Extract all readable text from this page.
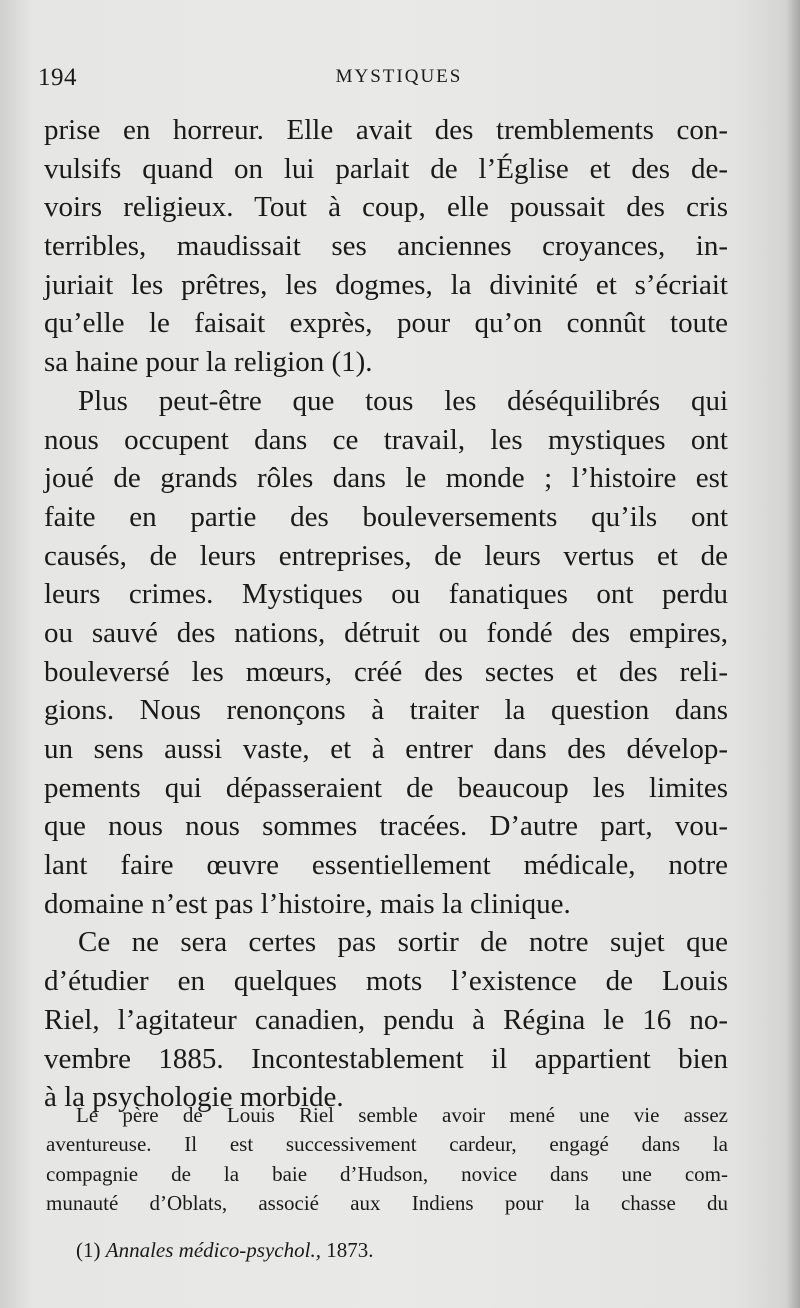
194	MYSTIQUES
prise en horreur. Elle avait des tremblements con-
vulsifs quand on lui parlait de l’Église et des de-
voirs religieux. Tout à coup, elle poussait des cris
terribles, maudissait ses anciennes croyances, in-
juriait les prêtres, les dogmes, la divinité et s’écriait
qu’elle le faisait exprès, pour qu’on connût toute
sa haine pour la religion (1).
Plus peut-être que tous les déséquilibrés qui
nous occupent dans ce travail, les mystiques ont
joué de grands rôles dans le monde ; l’histoire est
faite en partie des bouleversements qu’ils ont
causés, de leurs entreprises, de leurs vertus et de
leurs crimes. Mystiques ou fanatiques ont perdu
ou sauvé des nations, détruit ou fondé des empires,
bouleversé les mœurs, créé des sectes et des reli-
gions. Nous renonçons à traiter la question dans
un sens aussi vaste, et à entrer dans des dévelop-
pements qui dépasseraient de beaucoup les limites
que nous nous sommes tracées. D’autre part, vou-
lant faire œuvre essentiellement médicale, notre
domaine n’est pas l’histoire, mais la clinique.
Ce ne sera certes pas sortir de notre sujet que
d’étudier en quelques mots l’existence de Louis
Riel, l’agitateur canadien, pendu à Régina le 16 no-
vembre 1885. Incontestablement il appartient bien
à la psychologie morbide.
Le père de Louis Riel semble avoir mené une vie assez
aventureuse. Il est successivement cardeur, engagé dans la
compagnie de la baie d’Hudson, novice dans une com-
munauté d’Oblats, associé aux Indiens pour la chasse du
(1) Annales médico-psychol., 1873.
